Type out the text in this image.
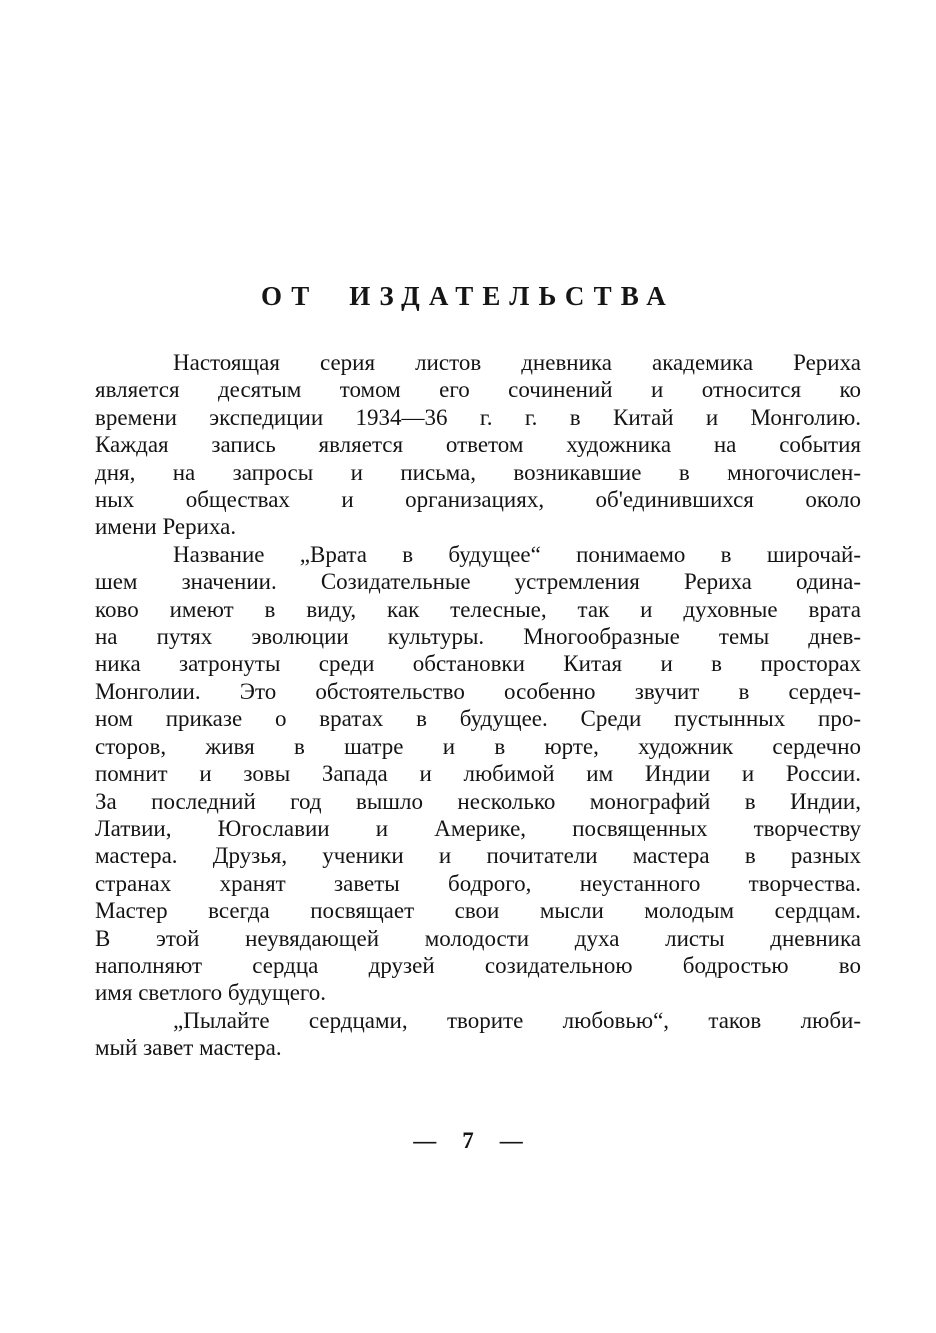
ОТ ИЗДАТЕЛЬСТВА
Настоящая серия листов дневника академика Рериха
является десятым томом его сочинений и относится ко
времени экспедиции 1934—36 г. г. в Китай и Монголию.
Каждая запись является ответом художника на события
дня, на запросы и письма, возникавшие в многочислен-
ных обществах и организациях, об'единившихся около
имени Рериха.
Название „Врата в будущее“ понимаемо в широчай-
шем значении. Созидательные устремления Рериха одина-
ково имеют в виду, как телесные, так и духовные врата
на путях эволюции культуры. Многообразные темы днев-
ника затронуты среди обстановки Китая и в просторах
Монголии. Это обстоятельство особенно звучит в сердеч-
ном приказе о вратах в будущее. Среди пустынных про-
сторов, живя в шатре и в юрте, художник сердечно
помнит и зовы Запада и любимой им Индии и России.
За последний год вышло несколько монографий в Индии,
Латвии, Югославии и Америке, посвященных творчеству
мастера. Друзья, ученики и почитатели мастера в разных
странах хранят заветы бодрого, неустанного творчества.
Мастер всегда посвящает свои мысли молодым сердцам.
В этой неувядающей молодости духа листы дневника
наполняют сердца друзей созидательною бодростью во
имя светлого будущего.
„Пылайте сердцами, творите любовью“, таков люби-
мый завет мастера.
— 7 —
